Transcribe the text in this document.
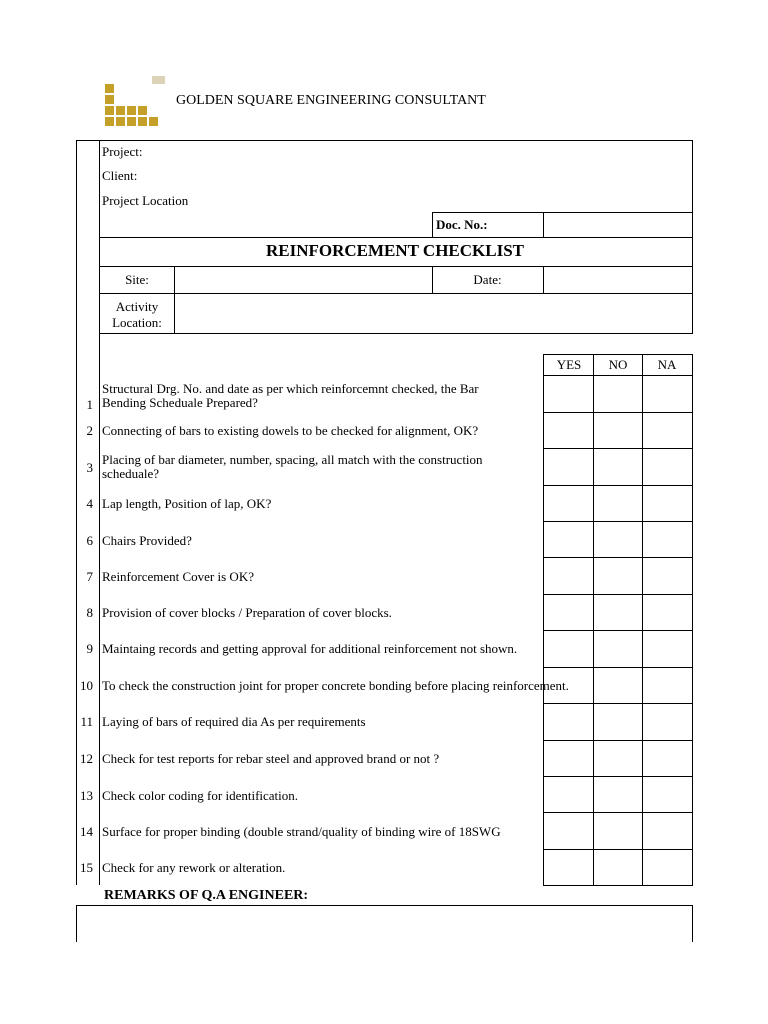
GOLDEN SQUARE ENGINEERING CONSULTANT
Project:
Client:
Project Location
Doc. No.:
REINFORCEMENT CHECKLIST
Site:	Date:
Activity
Location:
YES	NO	NA
1
Structural Drg. No. and date as per which reinforcemnt checked, the Bar Bending Scheduale Prepared?
2 Connecting of bars to existing dowels to be checked for alignment, OK?
3
Placing of bar diameter, number, spacing, all match with the construction scheduale?
4 Lap length, Position of lap, OK?
6 Chairs Provided?
7 Reinforcement Cover is OK?
8 Provision of cover blocks / Preparation of cover blocks.
9 Maintaing records and getting approval for additional reinforcement not shown.
10 To check the construction joint for proper concrete bonding before placing reinforcement.
11 Laying of bars of required dia As per requirements
12 Check for test reports for rebar steel and approved brand or not ?
13 Check color coding for identification.
14 Surface for proper binding (double strand/quality of binding wire of 18SWG
15 Check for any rework or alteration.
REMARKS OF Q.A ENGINEER:
